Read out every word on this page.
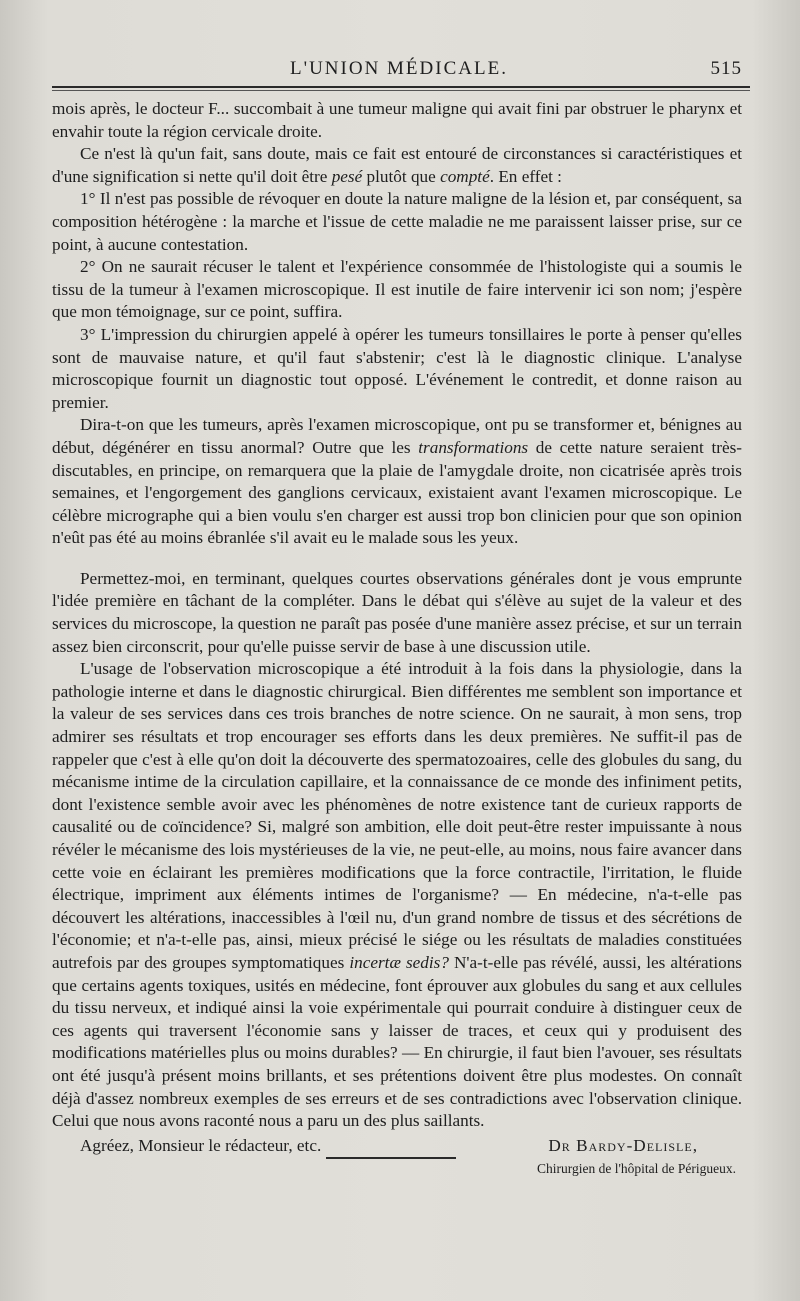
L'UNION MÉDICALE.	515

mois après, le docteur F... succombait à une tumeur maligne qui avait fini par obstruer le pharynx et envahir toute la région cervicale droite.

Ce n'est là qu'un fait, sans doute, mais ce fait est entouré de circonstances si caractéristiques et d'une signification si nette qu'il doit être pesé plutôt que compté. En effet :

1° Il n'est pas possible de révoquer en doute la nature maligne de la lésion et, par conséquent, sa composition hétérogène : la marche et l'issue de cette maladie ne me paraissent laisser prise, sur ce point, à aucune contestation.

2° On ne saurait récuser le talent et l'expérience consommée de l'histologiste qui a soumis le tissu de la tumeur à l'examen microscopique. Il est inutile de faire intervenir ici son nom; j'espère que mon témoignage, sur ce point, suffira.

3° L'impression du chirurgien appelé à opérer les tumeurs tonsillaires le porte à penser qu'elles sont de mauvaise nature, et qu'il faut s'abstenir; c'est là le diagnostic clinique. L'analyse microscopique fournit un diagnostic tout opposé. L'événement le contredit, et donne raison au premier.

Dira-t-on que les tumeurs, après l'examen microscopique, ont pu se transformer et, bénignes au début, dégénérer en tissu anormal? Outre que les transformations de cette nature seraient très-discutables, en principe, on remarquera que la plaie de l'amygdale droite, non cicatrisée après trois semaines, et l'engorgement des ganglions cervicaux, existaient avant l'examen microscopique. Le célèbre micrographe qui a bien voulu s'en charger est aussi trop bon clinicien pour que son opinion n'eût pas été au moins ébranlée s'il avait eu le malade sous les yeux.

Permettez-moi, en terminant, quelques courtes observations générales dont je vous emprunte l'idée première en tâchant de la compléter. Dans le débat qui s'élève au sujet de la valeur et des services du microscope, la question ne paraît pas posée d'une manière assez précise, et sur un terrain assez bien circonscrit, pour qu'elle puisse servir de base à une discussion utile.

L'usage de l'observation microscopique a été introduit à la fois dans la physiologie, dans la pathologie interne et dans le diagnostic chirurgical. Bien différentes me semblent son importance et la valeur de ses services dans ces trois branches de notre science. On ne saurait, à mon sens, trop admirer ses résultats et trop encourager ses efforts dans les deux premières. Ne suffit-il pas de rappeler que c'est à elle qu'on doit la découverte des spermatozoaires, celle des globules du sang, du mécanisme intime de la circulation capillaire, et la connaissance de ce monde des infiniment petits, dont l'existence semble avoir avec les phénomènes de notre existence tant de curieux rapports de causalité ou de coïncidence? Si, malgré son ambition, elle doit peut-être rester impuissante à nous révéler le mécanisme des lois mystérieuses de la vie, ne peut-elle, au moins, nous faire avancer dans cette voie en éclairant les premières modifications que la force contractile, l'irritation, le fluide électrique, impriment aux éléments intimes de l'organisme? — En médecine, n'a-t-elle pas découvert les altérations, inaccessibles à l'œil nu, d'un grand nombre de tissus et des sécrétions de l'économie; et n'a-t-elle pas, ainsi, mieux précisé le siége ou les résultats de maladies constituées autrefois par des groupes symptomatiques incertæ sedis? N'a-t-elle pas révélé, aussi, les altérations que certains agents toxiques, usités en médecine, font éprouver aux globules du sang et aux cellules du tissu nerveux, et indiqué ainsi la voie expérimentale qui pourrait conduire à distinguer ceux de ces agents qui traversent l'économie sans y laisser de traces, et ceux qui y produisent des modifications matérielles plus ou moins durables? — En chirurgie, il faut bien l'avouer, ses résultats ont été jusqu'à présent moins brillants, et ses prétentions doivent être plus modestes. On connaît déjà d'assez nombreux exemples de ses erreurs et de ses contradictions avec l'observation clinique. Celui que nous avons raconté nous a paru un des plus saillants.

Agréez, Monsieur le rédacteur, etc.	Dr Bardy-Delisle,
Chirurgien de l'hôpital de Périgueux.
